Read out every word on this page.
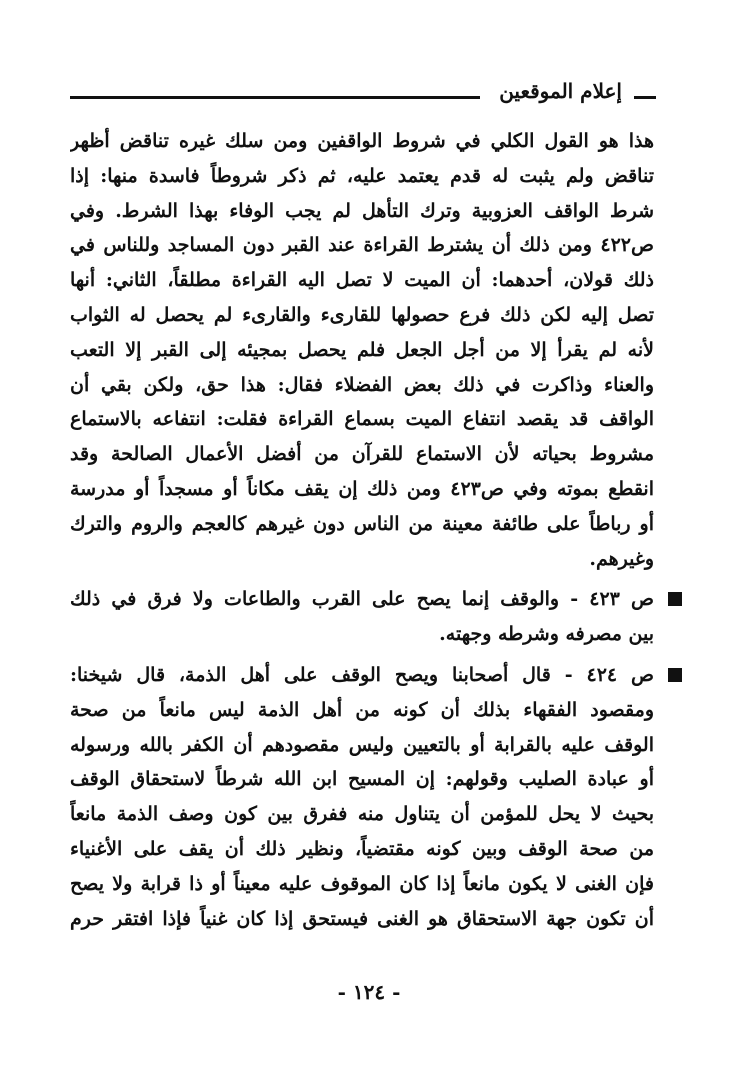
إعلام الموقعين

هذا هو القول الكلي في شروط الواقفين ومن سلك غيره تناقض أظهر
تناقض ولم يثبت له قدم يعتمد عليه، ثم ذكر شروطاً فاسدة منها: إذا
شرط الواقف العزوبية وترك التأهل لم يجب الوفاء بهذا الشرط. وفي
ص٤٢٢ ومن ذلك أن يشترط القراءة عند القبر دون المساجد وللناس في
ذلك قولان، أحدهما: أن الميت لا تصل اليه القراءة مطلقاً، الثاني: أنها
تصل إليه لكن ذلك فرع حصولها للقارىء والقارىء لم يحصل له الثواب
لأنه لم يقرأ إلا من أجل الجعل فلم يحصل بمجيئه إلى القبر إلا التعب
والعناء وذاكرت في ذلك بعض الفضلاء فقال: هذا حق، ولكن بقي أن
الواقف قد يقصد انتفاع الميت بسماع القراءة فقلت: انتفاعه بالاستماع
مشروط بحياته لأن الاستماع للقرآن من أفضل الأعمال الصالحة وقد
انقطع بموته وفي ص٤٢٣ ومن ذلك إن يقف مكاناً أو مسجداً أو مدرسة
أو رباطاً على طائفة معينة من الناس دون غيرهم كالعجم والروم والترك
وغيرهم.

ص ٤٢٣ - والوقف إنما يصح على القرب والطاعات ولا فرق في ذلك
بين مصرفه وشرطه وجهته.
ص ٤٢٤ - قال أصحابنا ويصح الوقف على أهل الذمة، قال شيخنا:
ومقصود الفقهاء بذلك أن كونه من أهل الذمة ليس مانعاً من صحة
الوقف عليه بالقرابة أو بالتعيين وليس مقصودهم أن الكفر بالله ورسوله
أو عبادة الصليب وقولهم: إن المسيح ابن الله شرطاً لاستحقاق الوقف
بحيث لا يحل للمؤمن أن يتناول منه ففرق بين كون وصف الذمة مانعاً
من صحة الوقف وبين كونه مقتضياً، ونظير ذلك أن يقف على الأغنياء
فإن الغنى لا يكون مانعاً إذا كان الموقوف عليه معيناً أو ذا قرابة ولا يصح
أن تكون جهة الاستحقاق هو الغنى فيستحق إذا كان غنياً فإذا افتقر حرم
- ١٢٤ -
